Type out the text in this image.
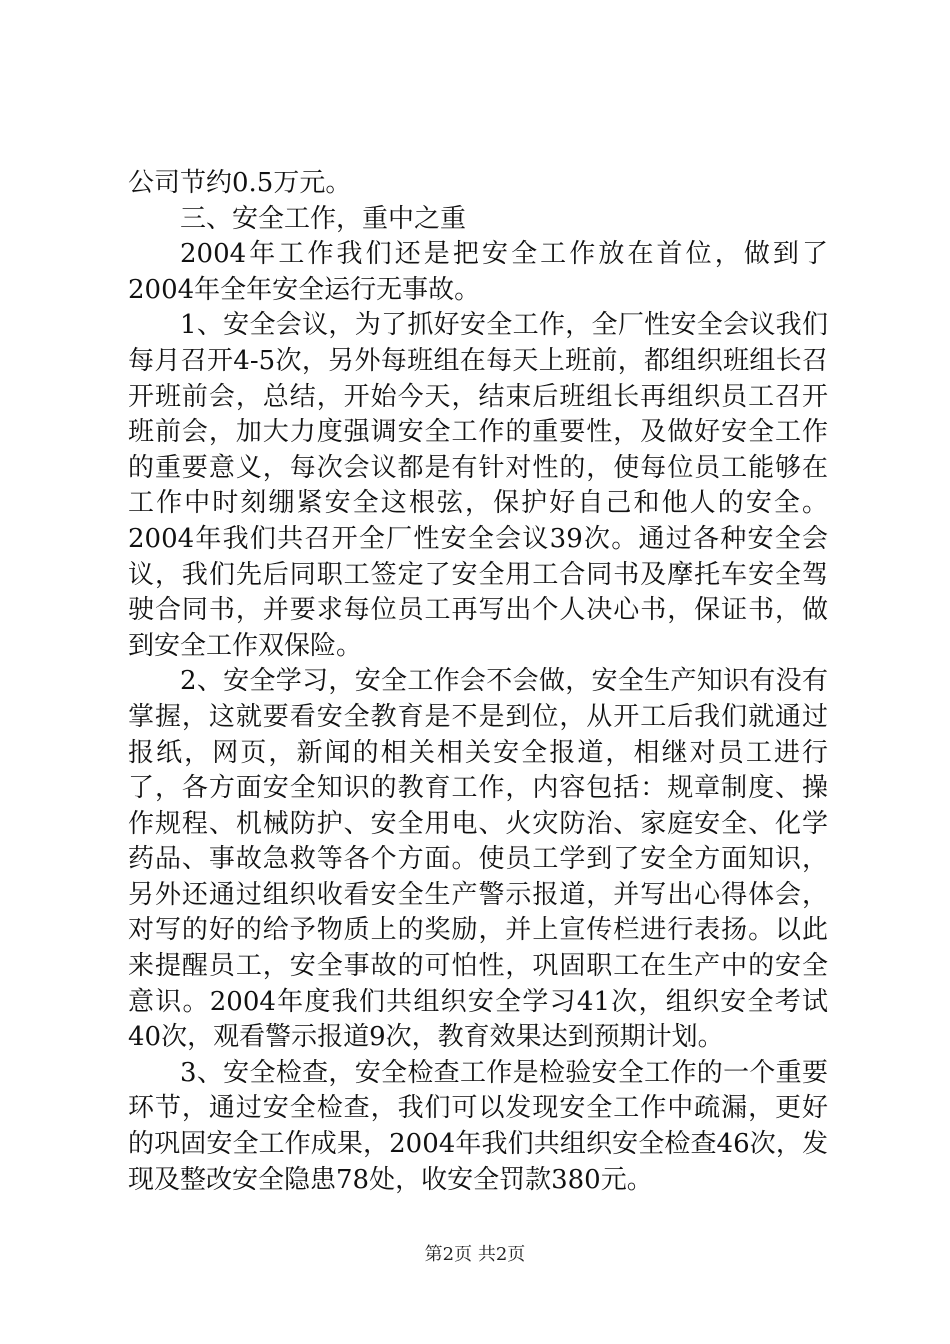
公司节约0.5万元。

三、安全工作，重中之重

2004年工作我们还是把安全工作放在首位，做到了2004年全年安全运行无事故。

1、安全会议，为了抓好安全工作，全厂性安全会议我们每月召开4-5次，另外每班组在每天上班前，都组织班组长召开班前会，总结，开始今天，结束后班组长再组织员工召开班前会，加大力度强调安全工作的重要性，及做好安全工作的重要意义，每次会议都是有针对性的，使每位员工能够在工作中时刻绷紧安全这根弦，保护好自己和他人的安全。2004年我们共召开全厂性安全会议39次。通过各种安全会议，我们先后同职工签定了安全用工合同书及摩托车安全驾驶合同书，并要求每位员工再写出个人决心书，保证书，做到安全工作双保险。

2、安全学习，安全工作会不会做，安全生产知识有没有掌握，这就要看安全教育是不是到位，从开工后我们就通过报纸，网页，新闻的相关相关安全报道，相继对员工进行了，各方面安全知识的教育工作，内容包括：规章制度、操作规程、机械防护、安全用电、火灾防治、家庭安全、化学药品、事故急救等各个方面。使员工学到了安全方面知识，另外还通过组织收看安全生产警示报道，并写出心得体会，对写的好的给予物质上的奖励，并上宣传栏进行表扬。以此来提醒员工，安全事故的可怕性，巩固职工在生产中的安全意识。2004年度我们共组织安全学习41次，组织安全考试40次，观看警示报道9次，教育效果达到预期计划。

3、安全检查，安全检查工作是检验安全工作的一个重要环节，通过安全检查，我们可以发现安全工作中疏漏，更好的巩固安全工作成果，2004年我们共组织安全检查46次，发现及整改安全隐患78处，收安全罚款380元。

第2页 共2页
